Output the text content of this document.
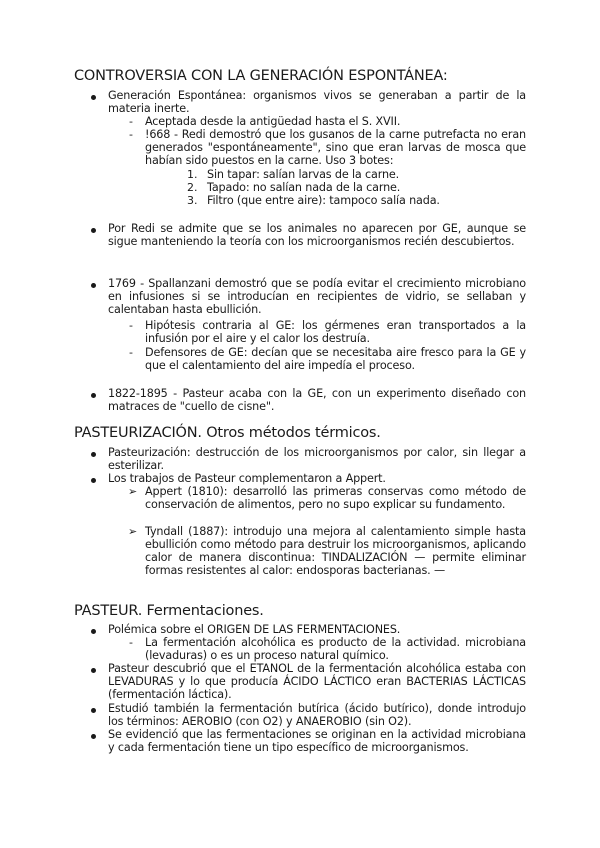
CONTROVERSIA CON LA GENERACIÓN ESPONTÁNEA:
Generación Espontánea: organismos vivos se generaban a partir de la materia inerte.
- Aceptada desde la antigüedad hasta el S. XVII.
- !668 - Redi demostró que los gusanos de la carne putrefacta no eran generados "espontáneamente", sino que eran larvas de mosca que habían sido puestos en la carne. Uso 3 botes:
1. Sin tapar: salían larvas de la carne.
2. Tapado: no salían nada de la carne.
3. Filtro (que entre aire): tampoco salía nada.
Por Redi se admite que se los animales no aparecen por GE, aunque se sigue manteniendo la teoría con los microorganismos recién descubiertos.
1769 - Spallanzani demostró que se podía evitar el crecimiento microbiano en infusiones si se introducían en recipientes de vidrio, se sellaban y calentaban hasta ebullición.
- Hipótesis contraria al GE: los gérmenes eran transportados a la infusión por el aire y el calor los destruía.
- Defensores de GE: decían que se necesitaba aire fresco para la GE y que el calentamiento del aire impedía el proceso.
1822-1895 - Pasteur acaba con la GE, con un experimento diseñado con matraces de "cuello de cisne".
PASTEURIZACIÓN. Otros métodos térmicos.
Pasteurización: destrucción de los microorganismos por calor, sin llegar a esterilizar.
Los trabajos de Pasteur complementaron a Appert.
➢ Appert (1810): desarrolló las primeras conservas como método de conservación de alimentos, pero no supo explicar su fundamento.
➢ Tyndall (1887): introdujo una mejora al calentamiento simple hasta ebullición como método para destruir los microorganismos, aplicando calor de manera discontinua: TINDALIZACIÓN — permite eliminar formas resistentes al calor: endosporas bacterianas. —
PASTEUR. Fermentaciones.
Polémica sobre el ORIGEN DE LAS FERMENTACIONES.
- La fermentación alcohólica es producto de la actividad. microbiana (levaduras) o es un proceso natural químico.
Pasteur descubrió que el ETANOL de la fermentación alcohólica estaba con LEVADURAS y lo que producía ÁCIDO LÁCTICO eran BACTERIAS LÁCTICAS (fermentación láctica).
Estudió también la fermentación butírica (ácido butírico), donde introdujo los términos: AEROBIO (con O2) y ANAEROBIO (sin O2).
Se evidenció que las fermentaciones se originan en la actividad microbiana y cada fermentación tiene un tipo específico de microorganismos.
